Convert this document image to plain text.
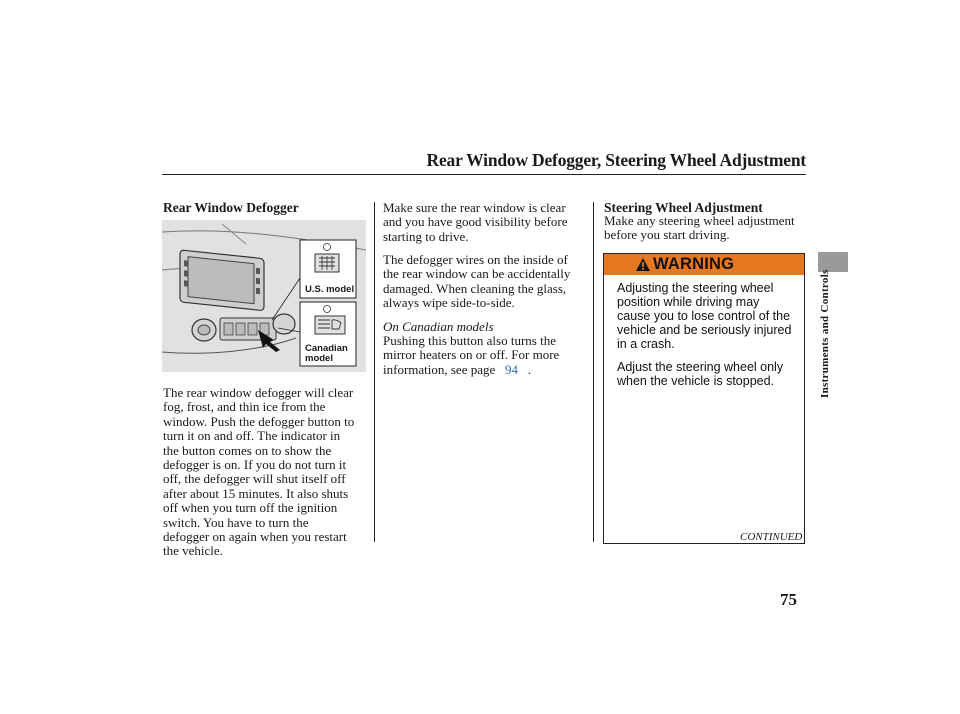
Rear Window Defogger, Steering Wheel Adjustment
Rear Window Defogger
U.S. model
Canadian
model
The rear window defogger will clear
fog, frost, and thin ice from the
window. Push the defogger button to
turn it on and off. The indicator in
the button comes on to show the
defogger is on. If you do not turn it
off, the defogger will shut itself off
after about 15 minutes. It also shuts
off when you turn off the ignition
switch. You have to turn the
defogger on again when you restart
the vehicle.
Make sure the rear window is clear
and you have good visibility before
starting to drive.
The defogger wires on the inside of
the rear window can be accidentally
damaged. When cleaning the glass,
always wipe side-to-side.
On Canadian models
Pushing this button also turns the
mirror heaters on or off. For more
information, see page 94 .
Steering Wheel Adjustment
Make any steering wheel adjustment
before you start driving.
WARNING
Adjusting the steering wheel
position while driving may
cause you to lose control of the
vehicle and be seriously injured
in a crash.
Adjust the steering wheel only
when the vehicle is stopped.	Instruments and Controls
CONTINUED
75
